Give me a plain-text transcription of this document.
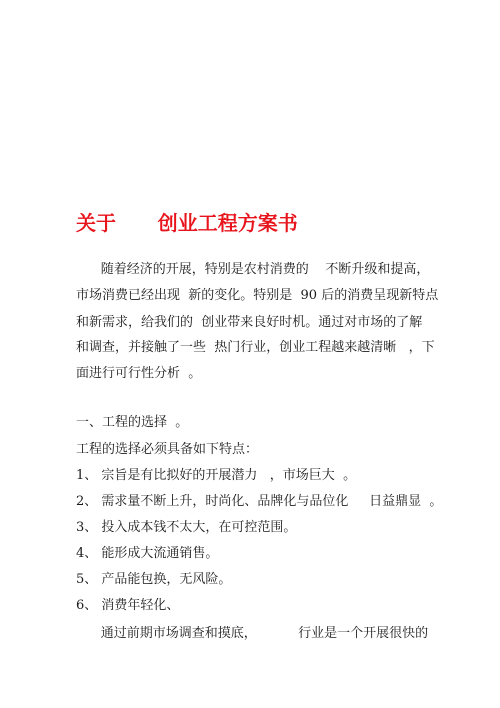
关于      创业工程方案书

随着经济的开展，特别是农村消费的    不断升级和提高，

市场消费已经出现  新的变化。特别是  90 后的消费呈现新特点

和新需求，给我们的  创业带来良好时机。通过对市场的了解

和调查，并接触了一些  热门行业，创业工程越来越清晰   ，下

面进行可行性分析  。

一、工程的选择  。

工程的选择必须具备如下特点：

1、 宗旨是有比拟好的开展潜力   ，市场巨大  。

2、 需求量不断上升，时尚化、品牌化与品位化     日益鼎显  。

3、 投入成本钱不太大，在可控范围。

4、 能形成大流通销售。

5、 产品能包换，无风险。

6、 消费年轻化、

通过前期市场调查和摸底，          行业是一个开展很快的
